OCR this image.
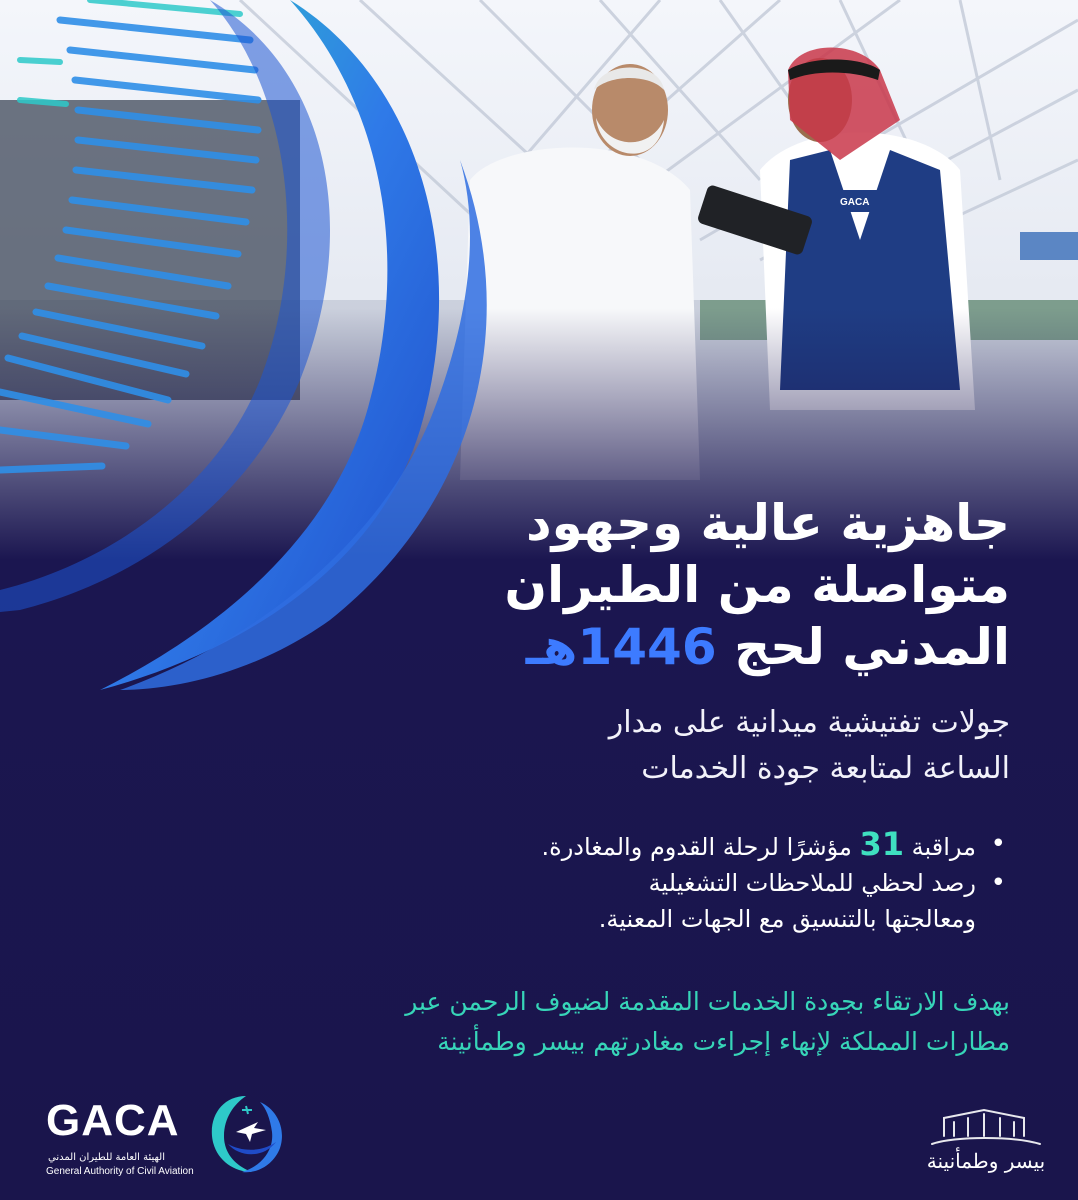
جاهزية عالية وجهود
متواصلة من الطيران
المدني لحج 1446هـ

جولات تفتيشية ميدانية على مدار
الساعة لمتابعة جودة الخدمات

• مراقبة 31 مؤشرًا لرحلة القدوم والمغادرة.
• رصد لحظي للملاحظات التشغيلية
ومعالجتها بالتنسيق مع الجهات المعنية.

بهدف الارتقاء بجودة الخدمات المقدمة لضيوف الرحمن عبر
مطارات المملكة لإنهاء إجراءت مغادرتهم بيسر وطمأنينة

GACA

الهيئة العامة للطيران المدني

General Authority of Civil Aviation	بيسر وطمأنينة
